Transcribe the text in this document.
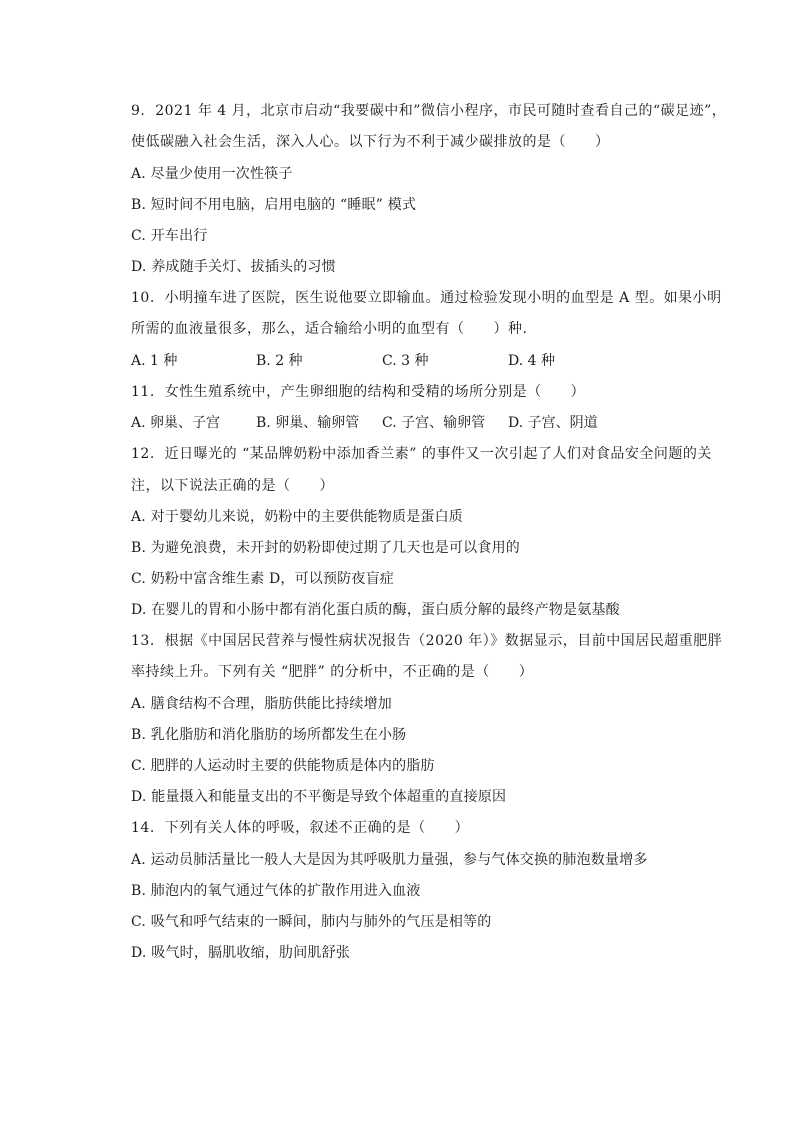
9.  2021 年 4 月，北京市启动“我要碳中和”微信小程序，市民可随时查看自己的“碳足迹”，
使低碳融入社会生活，深入人心。以下行为不利于减少碳排放的是（　　）
A. 尽量少使用一次性筷子
B. 短时间不用电脑，启用电脑的 “睡眠” 模式
C. 开车出行
D. 养成随手关灯、拔插头的习惯
10.  小明撞车进了医院，医生说他要立即输血。通过检验发现小明的血型是 A 型。如果小明
所需的血液量很多，那么，适合输给小明的血型有（　　）种.
A. 1 种	B. 2 种	C. 3 种	D. 4 种
11.  女性生殖系统中，产生卵细胞的结构和受精的场所分别是（　　）
A. 卵巢、子宫	B. 卵巢、输卵管 C. 子宫、输卵管 D. 子宫、阴道
12.  近日曝光的 “某品牌奶粉中添加香兰素” 的事件又一次引起了人们对食品安全问题的关
注，以下说法正确的是（　　）
A. 对于婴幼儿来说，奶粉中的主要供能物质是蛋白质
B. 为避免浪费，未开封的奶粉即使过期了几天也是可以食用的
C. 奶粉中富含维生素 D，可以预防夜盲症
D. 在婴儿的胃和小肠中都有消化蛋白质的酶，蛋白质分解的最终产物是氨基酸
13.  根据《中国居民营养与慢性病状况报告（2020 年）》数据显示，目前中国居民超重肥胖
率持续上升。下列有关 “肥胖” 的分析中，不正确的是（　　）
A. 膳食结构不合理，脂肪供能比持续增加
B. 乳化脂肪和消化脂肪的场所都发生在小肠
C. 肥胖的人运动时主要的供能物质是体内的脂肪
D. 能量摄入和能量支出的不平衡是导致个体超重的直接原因
14.  下列有关人体的呼吸，叙述不正确的是（　　）
A. 运动员肺活量比一般人大是因为其呼吸肌力量强，参与气体交换的肺泡数量增多
B. 肺泡内的氧气通过气体的扩散作用进入血液
C. 吸气和呼气结束的一瞬间，肺内与肺外的气压是相等的
D. 吸气时，膈肌收缩，肋间肌舒张
